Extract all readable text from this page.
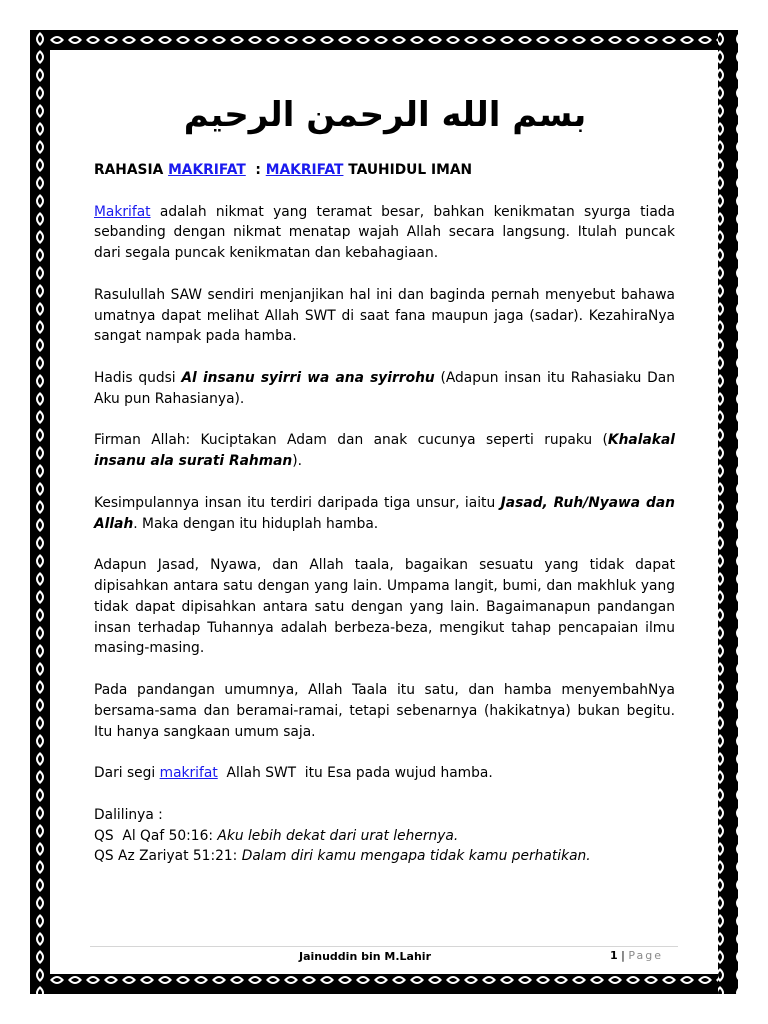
بسم الله الرحمن الرحيم

RAHASIA MAKRIFAT  : MAKRIFAT TAUHIDUL IMAN

Makrifat adalah nikmat yang teramat besar, bahkan kenikmatan syurga tiada sebanding dengan nikmat menatap wajah Allah secara langsung. Itulah puncak dari segala puncak kenikmatan dan kebahagiaan.

Rasulullah SAW sendiri menjanjikan hal ini dan baginda pernah menyebut bahawa umatnya dapat melihat Allah SWT di saat fana maupun jaga (sadar). KezahiraNya sangat nampak pada hamba.

Hadis qudsi Al insanu syirri wa ana syirrohu (Adapun insan itu Rahasiaku Dan Aku pun Rahasianya).

Firman Allah: Kuciptakan Adam dan anak cucunya seperti rupaku (Khalakal insanu ala surati Rahman).

Kesimpulannya insan itu terdiri daripada tiga unsur, iaitu Jasad, Ruh/Nyawa dan Allah. Maka dengan itu hiduplah hamba.

Adapun Jasad, Nyawa, dan Allah taala, bagaikan sesuatu yang tidak dapat dipisahkan antara satu dengan yang lain. Umpama langit, bumi, dan makhluk yang tidak dapat dipisahkan antara satu dengan yang lain. Bagaimanapun pandangan insan terhadap Tuhannya adalah berbeza-beza, mengikut tahap pencapaian ilmu masing-masing.

Pada pandangan umumnya, Allah Taala itu satu, dan hamba menyembahNya bersama-sama dan beramai-ramai, tetapi sebenarnya (hakikatnya) bukan begitu. Itu hanya sangkaan umum saja.

Dari segi makrifat  Allah SWT  itu Esa pada wujud hamba.

Dalilinya :

QS  Al Qaf 50:16: Aku lebih dekat dari urat lehernya.

QS Az Zariyat 51:21: Dalam diri kamu mengapa tidak kamu perhatikan.

Jainuddin bin M.Lahir	1 | Page
